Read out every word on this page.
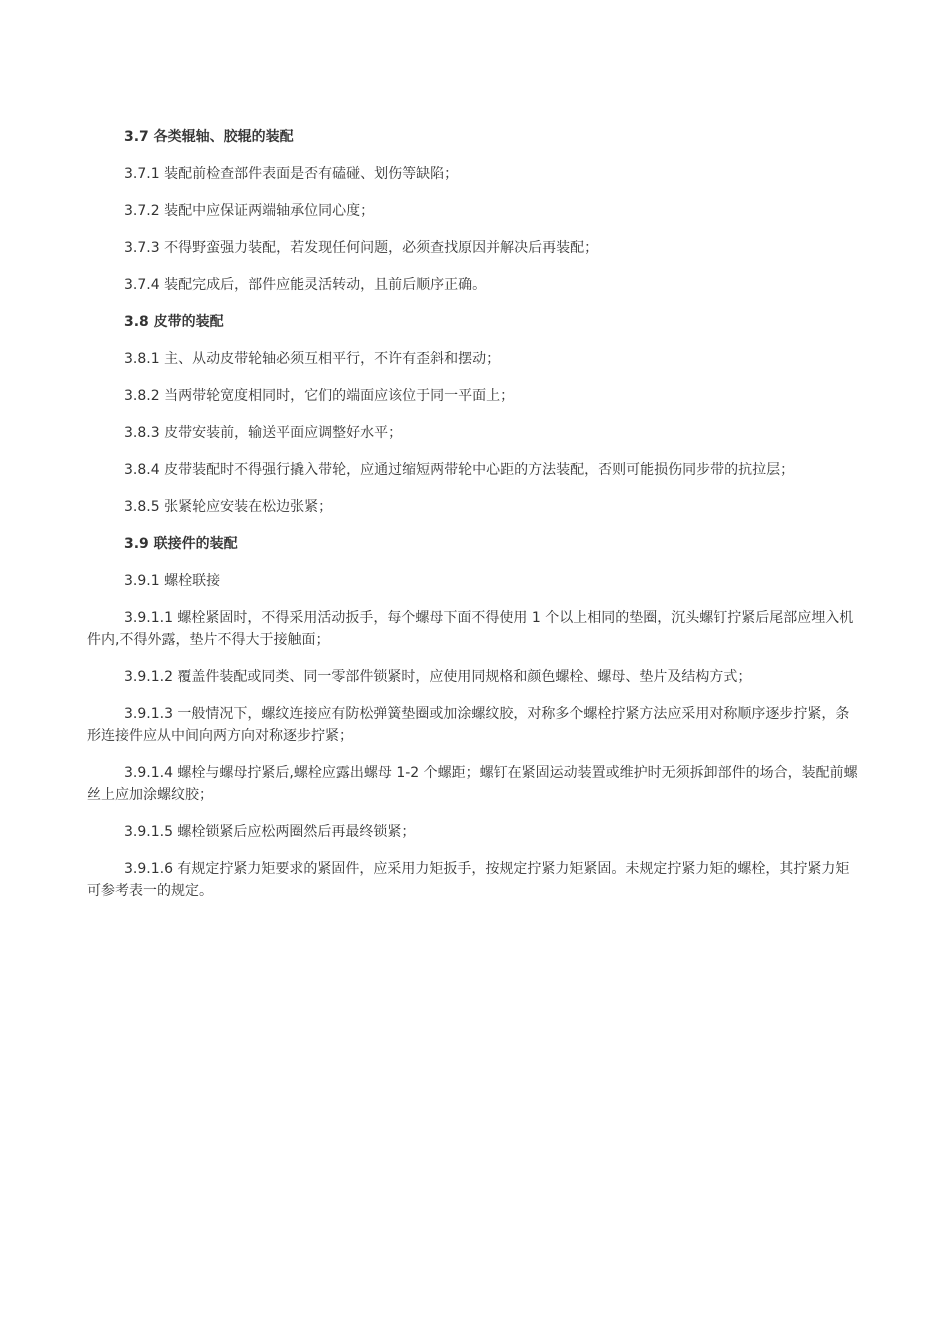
3.7 各类辊轴、胶辊的装配

3.7.1 装配前检查部件表面是否有磕碰、划伤等缺陷；

3.7.2 装配中应保证两端轴承位同心度；

3.7.3 不得野蛮强力装配，若发现任何问题，必须查找原因并解决后再装配；

3.7.4 装配完成后，部件应能灵活转动，且前后顺序正确。

3.8 皮带的装配

3.8.1 主、从动皮带轮轴必须互相平行，不许有歪斜和摆动；

3.8.2 当两带轮宽度相同时，它们的端面应该位于同一平面上；

3.8.3 皮带安装前，输送平面应调整好水平；

3.8.4 皮带装配时不得强行撬入带轮，应通过缩短两带轮中心距的方法装配，否则可能损伤同步带的抗拉层；

3.8.5 张紧轮应安装在松边张紧；

3.9 联接件的装配

3.9.1 螺栓联接

3.9.1.1 螺栓紧固时，不得采用活动扳手，每个螺母下面不得使用 1 个以上相同的垫圈，沉头螺钉拧紧后尾部应埋入机件内,不得外露，垫片不得大于接触面；

3.9.1.2 覆盖件装配或同类、同一零部件锁紧时，应使用同规格和颜色螺栓、螺母、垫片及结构方式；

3.9.1.3 一般情况下，螺纹连接应有防松弹簧垫圈或加涂螺纹胶，对称多个螺栓拧紧方法应采用对称顺序逐步拧紧，条形连接件应从中间向两方向对称逐步拧紧；

3.9.1.4 螺栓与螺母拧紧后,螺栓应露出螺母 1-2 个螺距；螺钉在紧固运动装置或维护时无须拆卸部件的场合，装配前螺丝上应加涂螺纹胶；

3.9.1.5 螺栓锁紧后应松两圈然后再最终锁紧；

3.9.1.6 有规定拧紧力矩要求的紧固件，应采用力矩扳手，按规定拧紧力矩紧固。未规定拧紧力矩的螺栓，其拧紧力矩可参考表一的规定。
